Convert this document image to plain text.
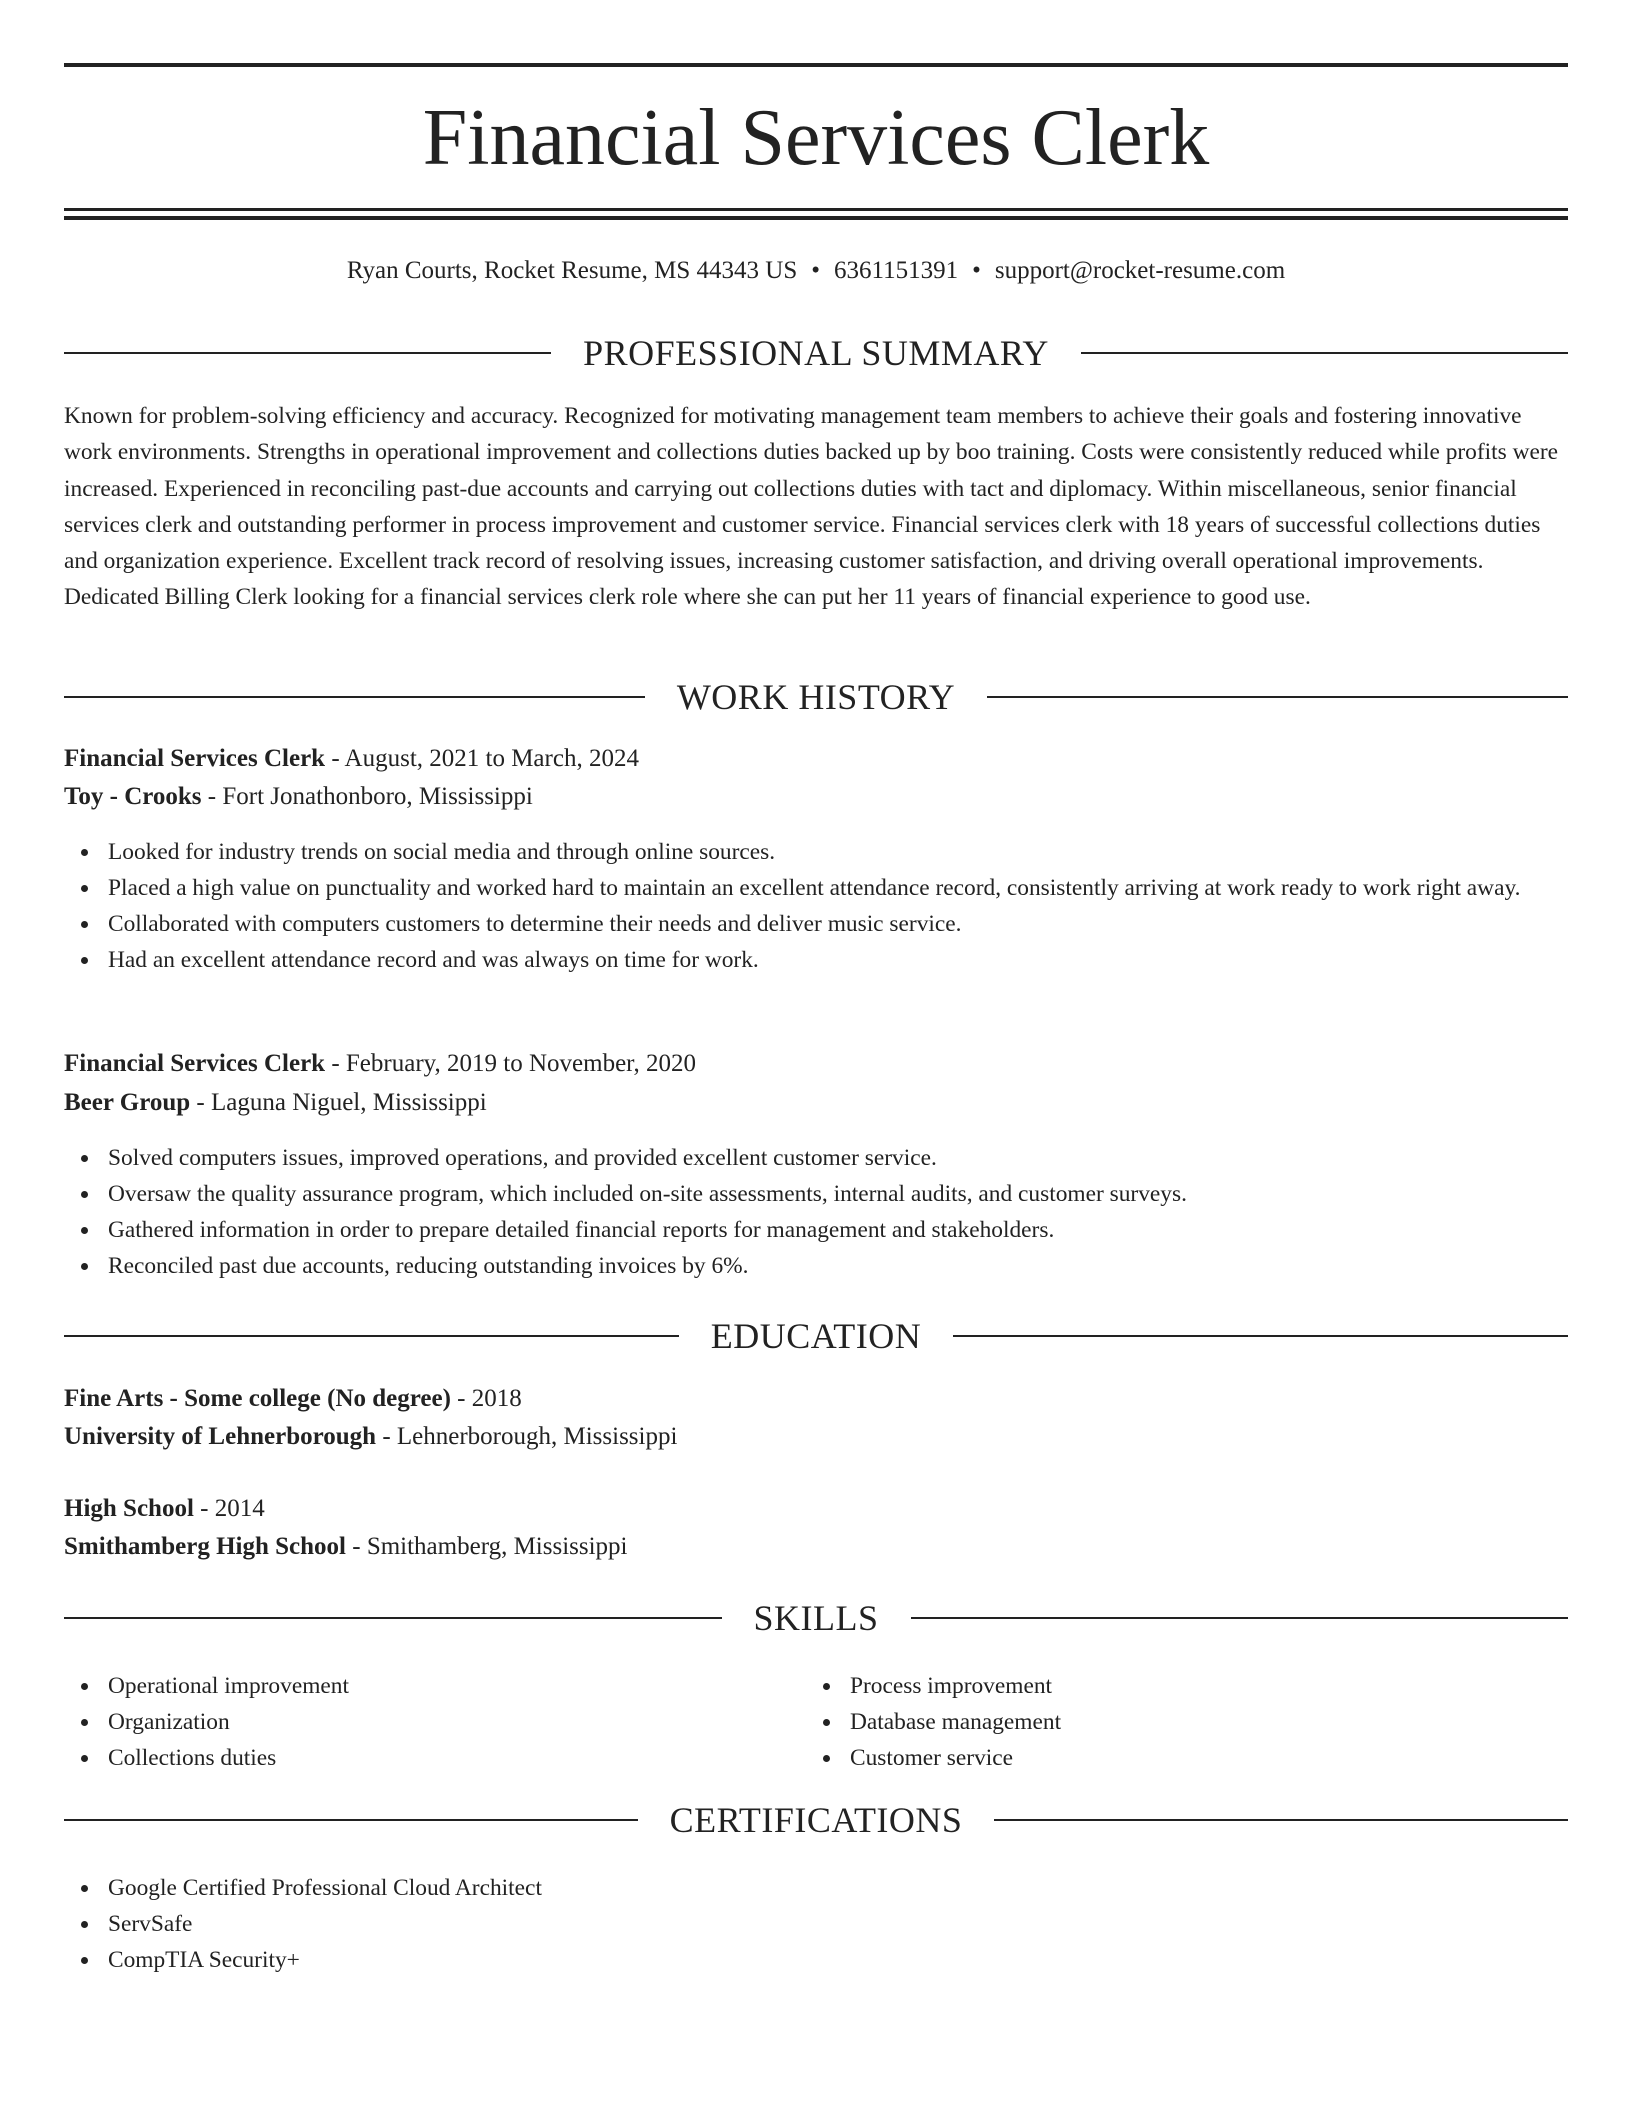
Financial Services Clerk
Ryan Courts, Rocket Resume, MS 44343 US • 6361151391 • support@rocket-resume.com
PROFESSIONAL SUMMARY

Known for problem-solving efficiency and accuracy. Recognized for motivating management team members to achieve their goals and fostering innovative work environments. Strengths in operational improvement and collections duties backed up by boo training. Costs were consistently reduced while profits were increased. Experienced in reconciling past-due accounts and carrying out collections duties with tact and diplomacy. Within miscellaneous, senior financial services clerk and outstanding performer in process improvement and customer service. Financial services clerk with 18 years of successful collections duties and organization experience. Excellent track record of resolving issues, increasing customer satisfaction, and driving overall operational improvements. Dedicated Billing Clerk looking for a financial services clerk role where she can put her 11 years of financial experience to good use.

WORK HISTORY
Financial Services Clerk - August, 2021 to March, 2024
Toy - Crooks - Fort Jonathonboro, Mississippi
Looked for industry trends on social media and through online sources.
Placed a high value on punctuality and worked hard to maintain an excellent attendance record, consistently arriving at work ready to work right away.
Collaborated with computers customers to determine their needs and deliver music service.
Had an excellent attendance record and was always on time for work.
Financial Services Clerk - February, 2019 to November, 2020
Beer Group - Laguna Niguel, Mississippi
Solved computers issues, improved operations, and provided excellent customer service.
Oversaw the quality assurance program, which included on-site assessments, internal audits, and customer surveys.
Gathered information in order to prepare detailed financial reports for management and stakeholders.
Reconciled past due accounts, reducing outstanding invoices by 6%.
EDUCATION
Fine Arts - Some college (No degree) - 2018
University of Lehnerborough - Lehnerborough, Mississippi
High School - 2014
Smithamberg High School - Smithamberg, Mississippi
SKILLS
Operational improvement
Organization
Collections duties
Process improvement
Database management
Customer service
CERTIFICATIONS
Google Certified Professional Cloud Architect
ServSafe
CompTIA Security+
